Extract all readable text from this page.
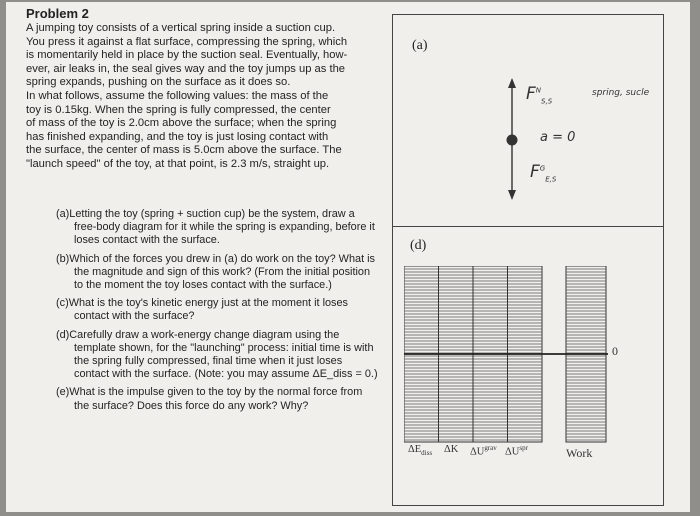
Problem 2

A jumping toy consists of a vertical spring inside a suction cup.
You press it against a flat surface, compressing the spring, which
is momentarily held in place by the suction seal. Eventually, how-
ever, air leaks in, the seal gives way and the toy jumps up as the
spring expands, pushing on the surface as it does so.
In what follows, assume the following values: the mass of the
toy is 0.15kg. When the spring is fully compressed, the center
of mass of the toy is 2.0cm above the surface; when the spring
has finished expanding, and the toy is just losing contact with
the surface, the center of mass is 5.0cm above the surface. The
"launch speed" of the toy, at that point, is 2.3 m/s, straight up.

(a)Letting the toy (spring + suction cup) be the system, draw a free-body diagram for it while the spring is expanding, before it loses contact with the surface.
(b)Which of the forces you drew in (a) do work on the toy? What is the magnitude and sign of this work? (From the initial position to the moment the toy loses contact with the surface.)
(c)What is the toy's kinetic energy just at the moment it loses contact with the surface?
(d)Carefully draw a work-energy change diagram using the template shown, for the "launching" process: initial time is with the spring fully compressed, final time when it just loses contact with the surface. (Note: you may assume ΔE_diss = 0.)
(e)What is the impulse given to the toy by the normal force from the surface? Does this force do any work? Why?
(a)
$F^N_{S,S}$
$F^G_{E,S}$
a = 0
spring, sucle
(d)
0
$\Delta E_{diss}$ ΔK $\Delta U^{grav}$ $\Delta U^{spr}$	Work
